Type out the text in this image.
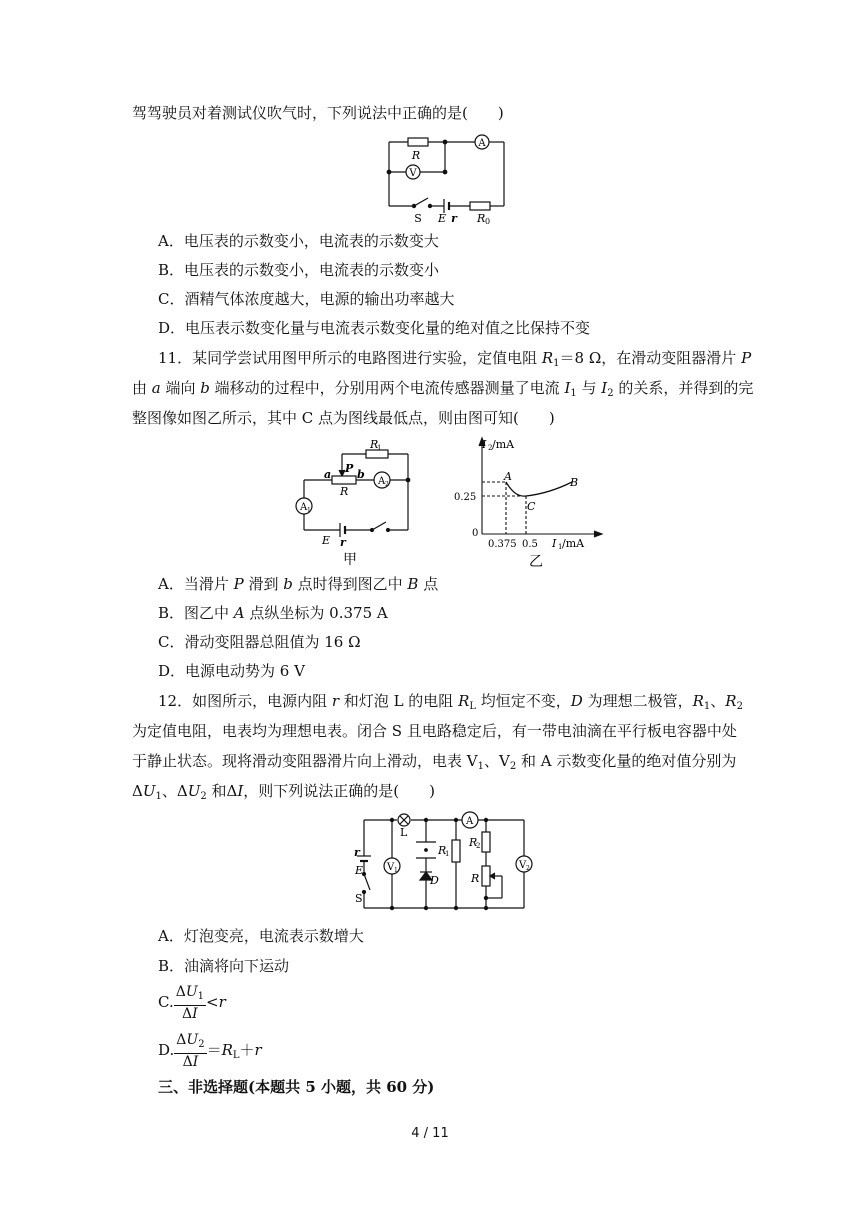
驾驾驶员对着测试仪吹气时，下列说法中正确的是(　　)
R
A
V
S E r R 0
A．电压表的示数变小，电流表的示数变大
B．电压表的示数变小，电流表的示数变小
C．酒精气体浓度越大，电源的输出功率越大
D．电压表示数变化量与电流表示数变化量的绝对值之比保持不变
11．某同学尝试用图甲所示的电路图进行实验，定值电阻 $R_1=8$ Ω，在滑动变阻器滑片 P
由 a 端向 b 端移动的过程中，分别用两个电流传感器测量了电流 $I_1$ 与 $I_2$ 的关系，并得到的完
整图像如图乙所示，其中 C 点为图线最低点，则由图可知(　　)
R
1
a P b
R
A 2
A 1
E r
甲
I 2 /mA
0.25
0
0.375 0.5 I 1 /mA
A	B
C
乙
A．当滑片 P 滑到 b 点时得到图乙中 B 点
B．图乙中 A 点纵坐标为 0.375 A
C．滑动变阻器总阻值为 16 Ω
D．电源电动势为 6 V
12．如图所示，电源内阻 r 和灯泡 L 的电阻 $R_L$ 均恒定不变，D 为理想二极管，$R_1$、$R_2$
为定值电阻，电表均为理想电表。闭合 S 且电路稳定后，有一带电油滴在平行板电容器中处
于静止状态。现将滑动变阻器滑片向上滑动，电表 $V_1$、$V_2$ 和 A 示数变化量的绝对值分别为
$\Delta U_1$、$\Delta U_2$ 和ΔI，则下列说法正确的是(　　)
L
A
r
E
S
V 1
R
1
D
R
2
R
V 2
A．灯泡变亮，电流表示数增大
B．油滴将向下运动
C. $\frac{\Delta U_1}{\Delta I} <r$
D. $\frac{\Delta U_2}{\Delta I} =R_L+r$
三、非选择题(本题共 5 小题，共 60 分)
4 / 11
